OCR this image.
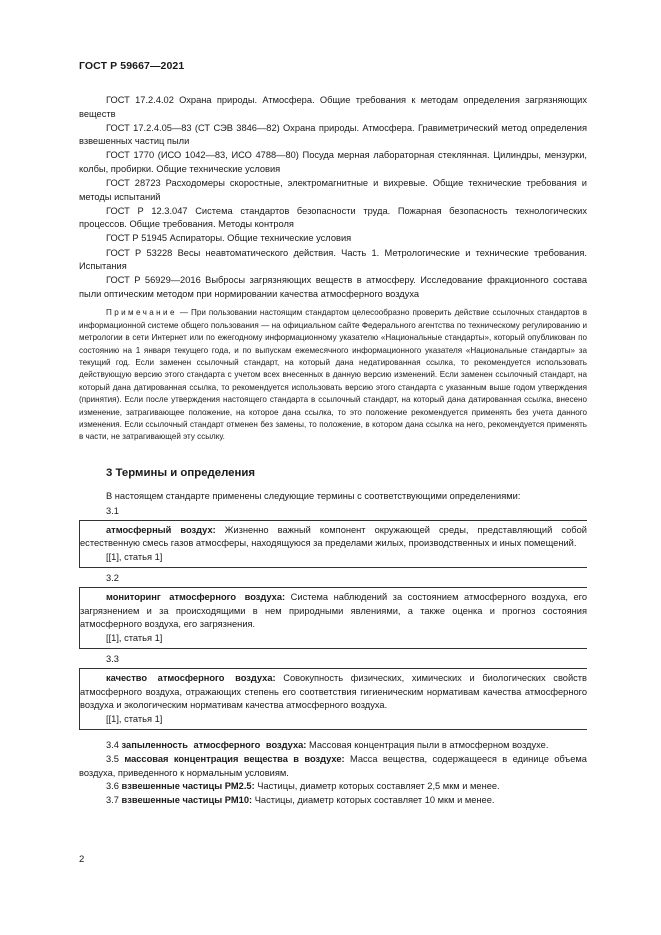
ГОСТ Р 59667—2021

ГОСТ 17.2.4.02 Охрана природы. Атмосфера. Общие требования к методам определения загрязняющих веществ

ГОСТ 17.2.4.05—83 (СТ СЭВ 3846—82) Охрана природы. Атмосфера. Гравиметрический метод определения взвешенных частиц пыли

ГОСТ 1770 (ИСО 1042—83, ИСО 4788—80) Посуда мерная лабораторная стеклянная. Цилиндры, мензурки, колбы, пробирки. Общие технические условия

ГОСТ 28723 Расходомеры скоростные, электромагнитные и вихревые. Общие технические требования и методы испытаний

ГОСТ Р 12.3.047 Система стандартов безопасности труда. Пожарная безопасность технологических процессов. Общие требования. Методы контроля

ГОСТ Р 51945 Аспираторы. Общие технические условия

ГОСТ Р 53228 Весы неавтоматического действия. Часть 1. Метрологические и технические требования. Испытания

ГОСТ Р 56929—2016 Выбросы загрязняющих веществ в атмосферу. Исследование фракционного состава пыли оптическим методом при нормировании качества атмосферного воздуха

Примечание — При пользовании настоящим стандартом целесообразно проверить действие ссылочных стандартов в информационной системе общего пользования — на официальном сайте Федерального агентства по техническому регулированию и метрологии в сети Интернет или по ежегодному информационному указателю «Национальные стандарты», который опубликован по состоянию на 1 января текущего года, и по выпускам ежемесячного информационного указателя «Национальные стандарты» за текущий год. Если заменен ссылочный стандарт, на который дана недатированная ссылка, то рекомендуется использовать действующую версию этого стандарта с учетом всех внесенных в данную версию изменений. Если заменен ссылочный стандарт, на который дана датированная ссылка, то рекомендуется использовать версию этого стандарта с указанным выше годом утверждения (принятия). Если после утверждения настоящего стандарта в ссылочный стандарт, на который дана датированная ссылка, внесено изменение, затрагивающее положение, на которое дана ссылка, то это положение рекомендуется применять без учета данного изменения. Если ссылочный стандарт отменен без замены, то положение, в котором дана ссылка на него, рекомендуется применять в части, не затрагивающей эту ссылку.

3 Термины и определения

В настоящем стандарте применены следующие термины с соответствующими определениями:

3.1

атмосферный воздух: Жизненно важный компонент окружающей среды, представляющий собой естественную смесь газов атмосферы, находящуюся за пределами жилых, производственных и иных помещений.

[[1], статья 1]

3.2

мониторинг атмосферного воздуха: Система наблюдений за состоянием атмосферного воздуха, его загрязнением и за происходящими в нем природными явлениями, а также оценка и прогноз состояния атмосферного воздуха, его загрязнения.

[[1], статья 1]

3.3

качество атмосферного воздуха: Совокупность физических, химических и биологических свойств атмосферного воздуха, отражающих степень его соответствия гигиеническим нормативам качества атмосферного воздуха и экологическим нормативам качества атмосферного воздуха.

[[1], статья 1]

3.4 запыленность атмосферного воздуха: Массовая концентрация пыли в атмосферном воздухе.

3.5 массовая концентрация вещества в воздухе: Масса вещества, содержащееся в единице объема воздуха, приведенного к нормальным условиям.

3.6 взвешенные частицы PM2.5: Частицы, диаметр которых составляет 2,5 мкм и менее.

3.7 взвешенные частицы PM10: Частицы, диаметр которых составляет 10 мкм и менее.

2
